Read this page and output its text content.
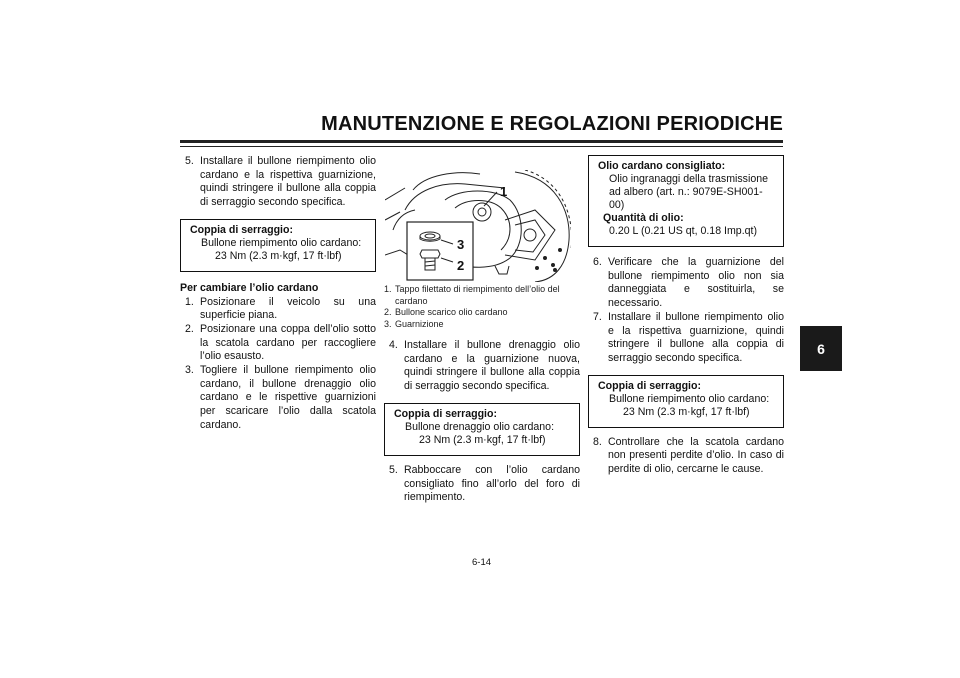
MANUTENZIONE E REGOLAZIONI PERIODICHE
6
5. Installare il bullone riempimento olio cardano e la rispettiva guarnizione, quindi stringere il bullone alla coppia di serraggio secondo specifica.
Coppia di serraggio:
Bullone riempimento olio cardano:
23 Nm (2.3 m·kgf, 17 ft·lbf)
Per cambiare l’olio cardano
1. Posizionare il veicolo su una superficie piana.
2. Posizionare una coppa dell’olio sotto la scatola cardano per raccogliere l’olio esausto.
3. Togliere il bullone riempimento olio cardano, il bullone drenaggio olio cardano e le rispettive guarnizioni per scaricare l’olio dalla scatola cardano.
1
3
2
1. Tappo filettato di riempimento dell’olio del cardano
2. Bullone scarico olio cardano
3. Guarnizione
4. Installare il bullone drenaggio olio cardano e la guarnizione nuova, quindi stringere il bullone alla coppia di serraggio secondo specifica.
Coppia di serraggio:
Bullone drenaggio olio cardano:
23 Nm (2.3 m·kgf, 17 ft·lbf)
5. Rabboccare con l’olio cardano consigliato fino all’orlo del foro di riempimento.
Olio cardano consigliato:
Olio ingranaggi della trasmissione
ad albero (art. n.: 9079E-SH001-00)
Quantità di olio:
0.20 L (0.21 US qt, 0.18 Imp.qt)
6. Verificare che la guarnizione del bullone riempimento olio non sia danneggiata e sostituirla, se necessario.
7. Installare il bullone riempimento olio e la rispettiva guarnizione, quindi stringere il bullone alla coppia di serraggio secondo specifica.
Coppia di serraggio:
Bullone riempimento olio cardano:
23 Nm (2.3 m·kgf, 17 ft·lbf)
8. Controllare che la scatola cardano non presenti perdite d’olio. In caso di perdite di olio, cercarne le cause.
6-14
